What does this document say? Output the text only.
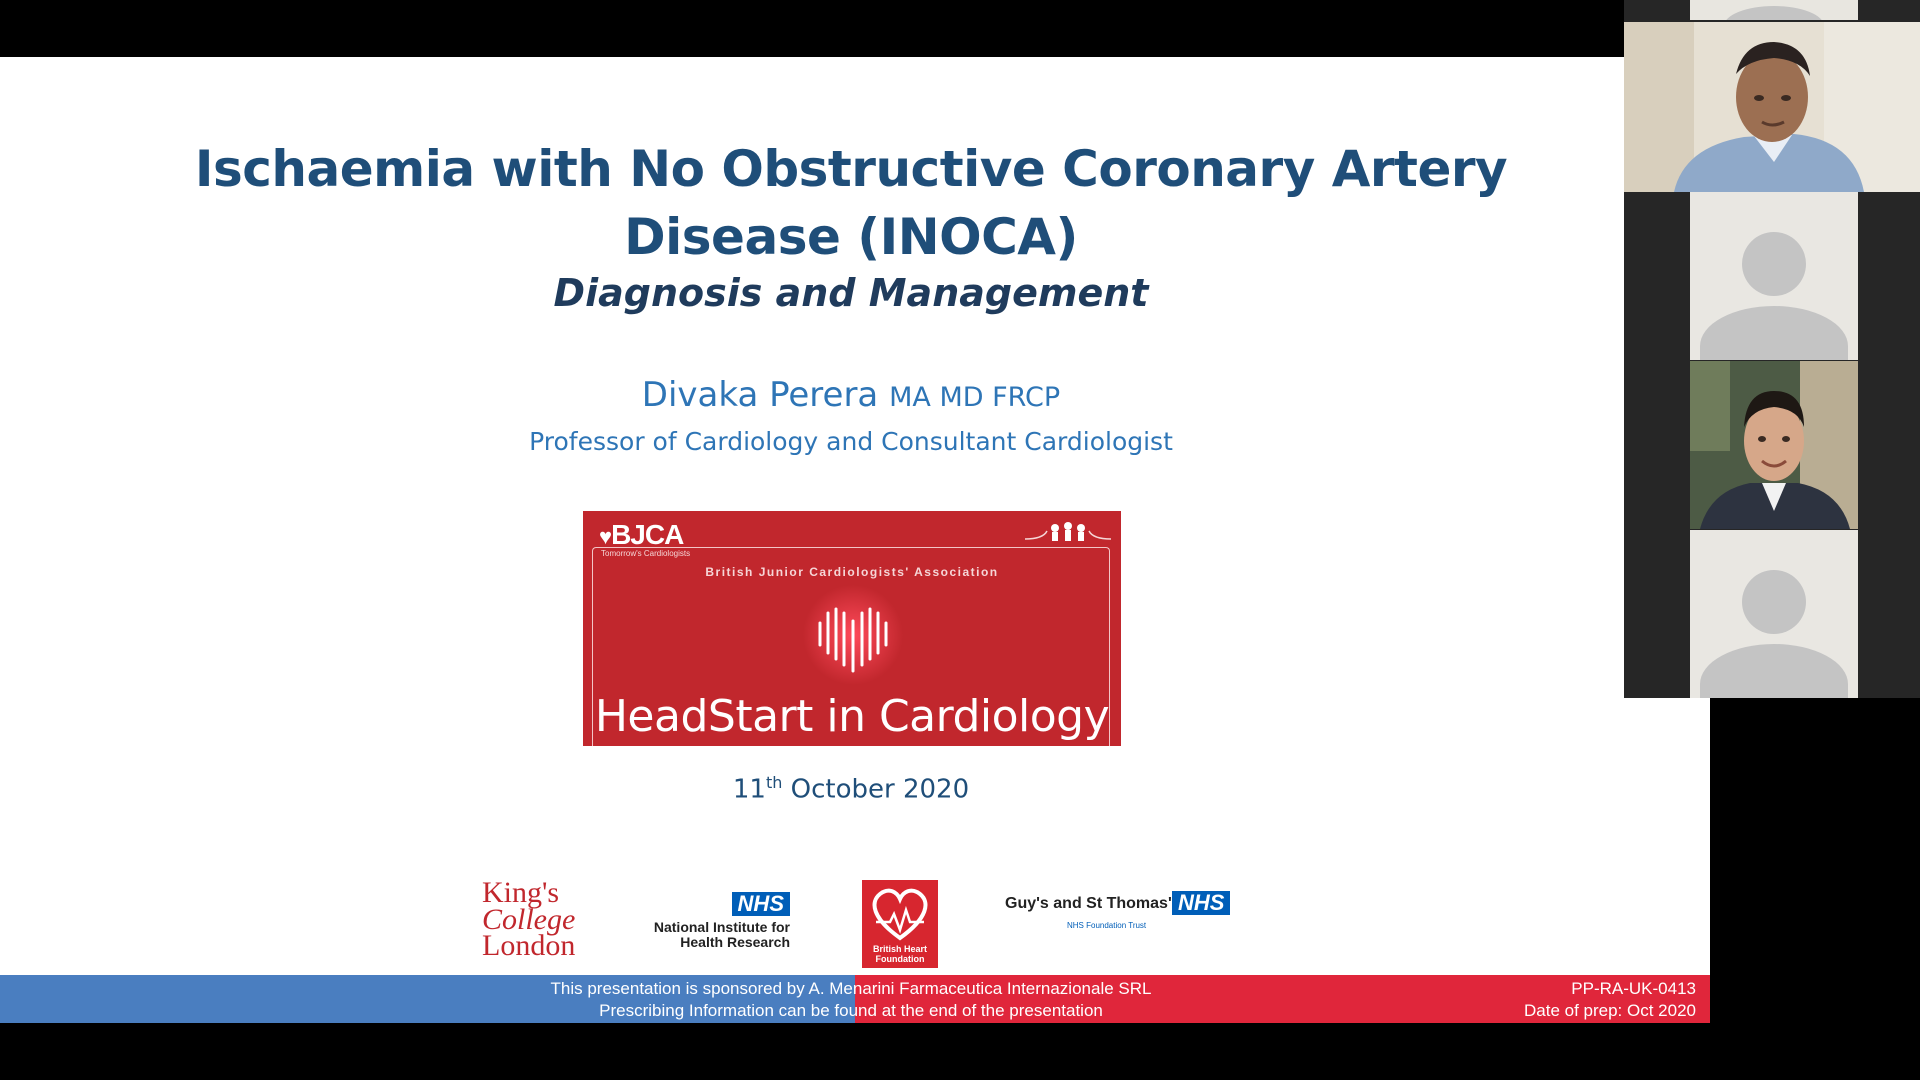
Ischaemia with No Obstructive Coronary Artery
Disease (INOCA)
Diagnosis and Management
Divaka Perera MA MD FRCP
Professor of Cardiology and Consultant Cardiologist
♥BJCA
Tomorrow's Cardiologists
British Junior Cardiologists' Association
HeadStart in Cardiology
11th October 2020
King's
College
London
NHS
National Institute for
Health Research	British Heart
Foundation
Guy's and St Thomas' NHS
NHS Foundation Trust
This presentation is sponsored by A. Menarini Farmaceutica Internazionale SRL
Prescribing Information can be found at the end of the presentation
PP-RA-UK-0413
Date of prep: Oct 2020
